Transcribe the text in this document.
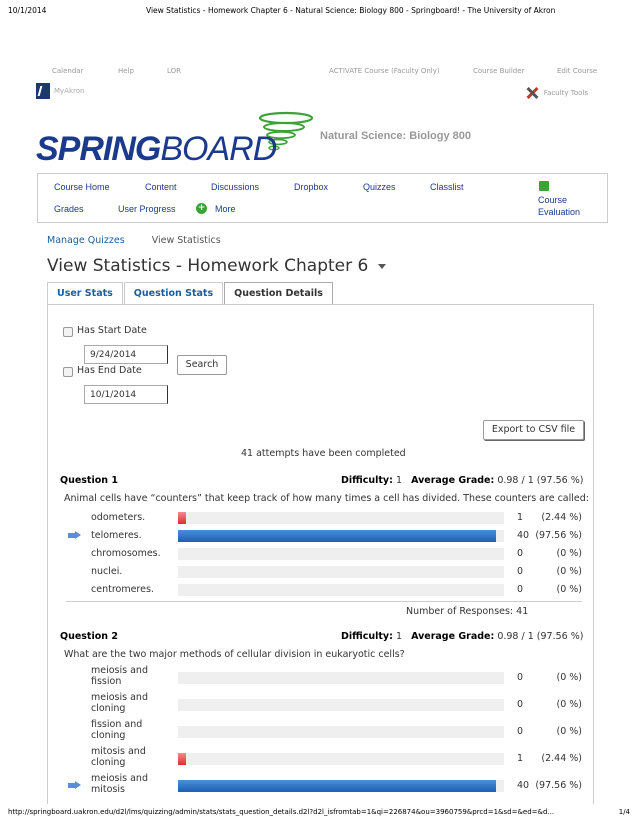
10/1/2014	View Statistics - Homework Chapter 6 - Natural Science: Biology 800 - Springboard! - The University of Akron
Calendar	Help	LOR	ACTIVATE Course (Faculty Only)	Course Builder	Edit Course
MyAkron	Faculty Tools
SPRINGBOARD	Natural Science: Biology 800
Course Home	Content	Discussions	Dropbox	Quizzes	Classlist
Course
Evaluation
Grades	User Progress + More
Manage Quizzes	View Statistics
View Statistics - Homework Chapter 6
User Stats	Question Stats	Question Details
Has Start Date
9/24/2014
Search
Has End Date
10/1/2014
Export to CSV file
41 attempts have been completed
Question 1	Difficulty: 1 Average Grade: 0.98 / 1 (97.56 %)
Animal cells have “counters” that keep track of how many times a cell has divided. These counters are called:
odometers.	1	(2.44 %)
telomeres.	40 (97.56 %)
chromosomes.	0	(0 %)
nuclei.	0	(0 %)
centromeres.	0	(0 %)
Number of Responses: 41
Question 2	Difficulty: 1 Average Grade: 0.98 / 1 (97.56 %)
What are the two major methods of cellular division in eukaryotic cells?
meiosis and
fission	0	(0 %)
meiosis and
cloning	0	(0 %)
fission and
cloning	0	(0 %)
mitosis and
cloning	1	(2.44 %)
meiosis and
mitosis	40 (97.56 %)
http://springboard.uakron.edu/d2l/lms/quizzing/admin/stats/stats_question_details.d2l?d2l_isfromtab=1&qi=226874&ou=3960759&prcd=1&sd=&ed=&d...	1/4
